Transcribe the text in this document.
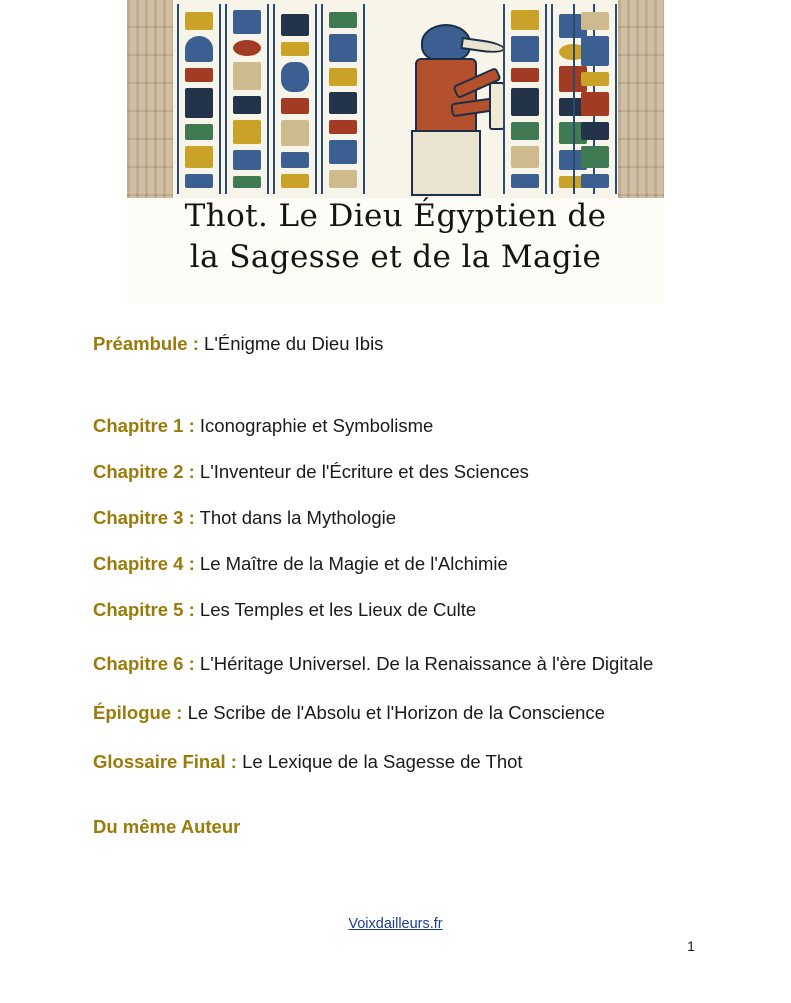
Thot. Le Dieu Égyptien de
la Sagesse et de la Magie
Préambule : L'Énigme du Dieu Ibis
Chapitre 1 : Iconographie et Symbolisme
Chapitre 2 : L'Inventeur de l'Écriture et des Sciences
Chapitre 3 : Thot dans la Mythologie
Chapitre 4 : Le Maître de la Magie et de l'Alchimie
Chapitre 5 : Les Temples et les Lieux de Culte
Chapitre 6 : L'Héritage Universel. De la Renaissance à l'ère Digitale
Épilogue : Le Scribe de l'Absolu et l'Horizon de la Conscience
Glossaire Final : Le Lexique de la Sagesse de Thot
Du même Auteur
Voixdailleurs.fr
1
